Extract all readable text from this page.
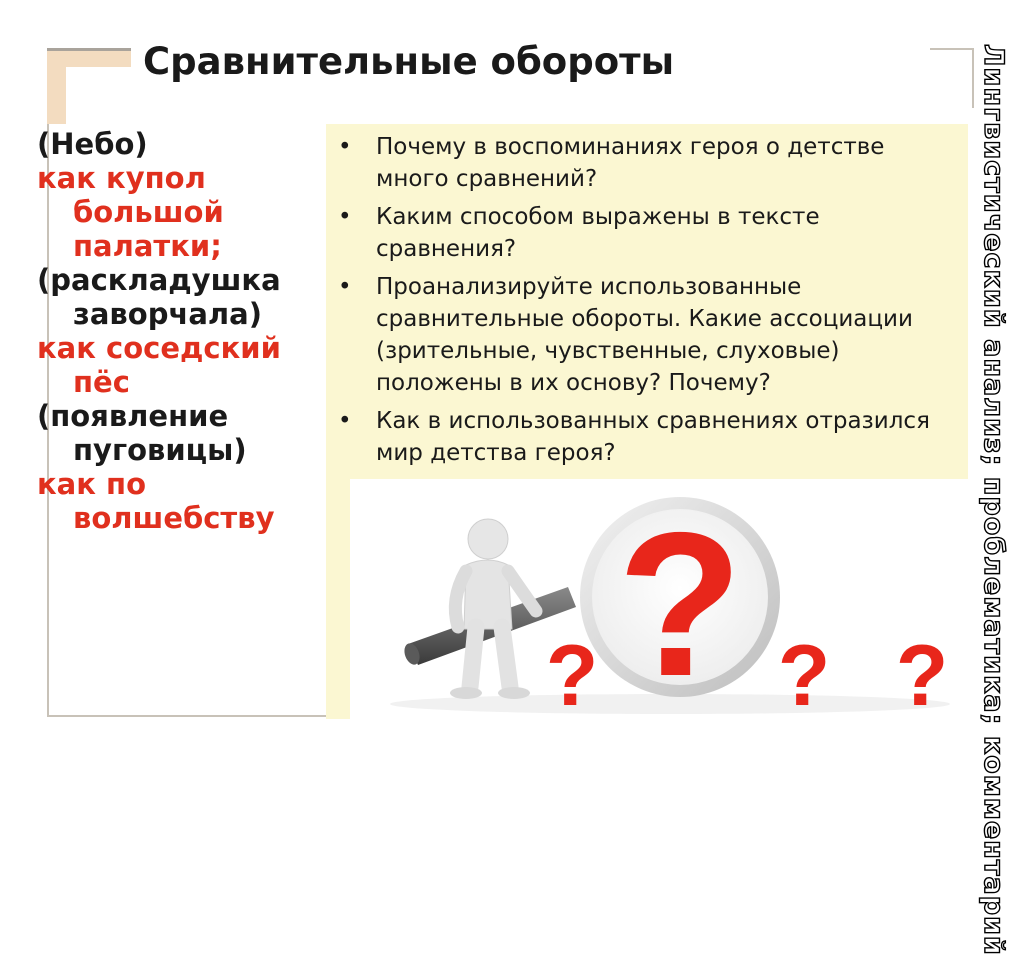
Сравнительные обороты
(Небо)
как купол
большой
палатки;
(раскладушка
заворчала)
как соседский
пёс
(появление
пуговицы)
как по
волшебству
• Почему в воспоминаниях героя о детстве много сравнений?
• Каким способом выражены в тексте сравнения?
• Проанализируйте использованные сравнительные обороты. Какие ассоциации (зрительные, чувственные, слуховые) положены в их основу? Почему?
• Как в использованных сравнениях отразился мир детства героя?	Лингвистический анализ; проблематика; комментарий
?
? ? ?
